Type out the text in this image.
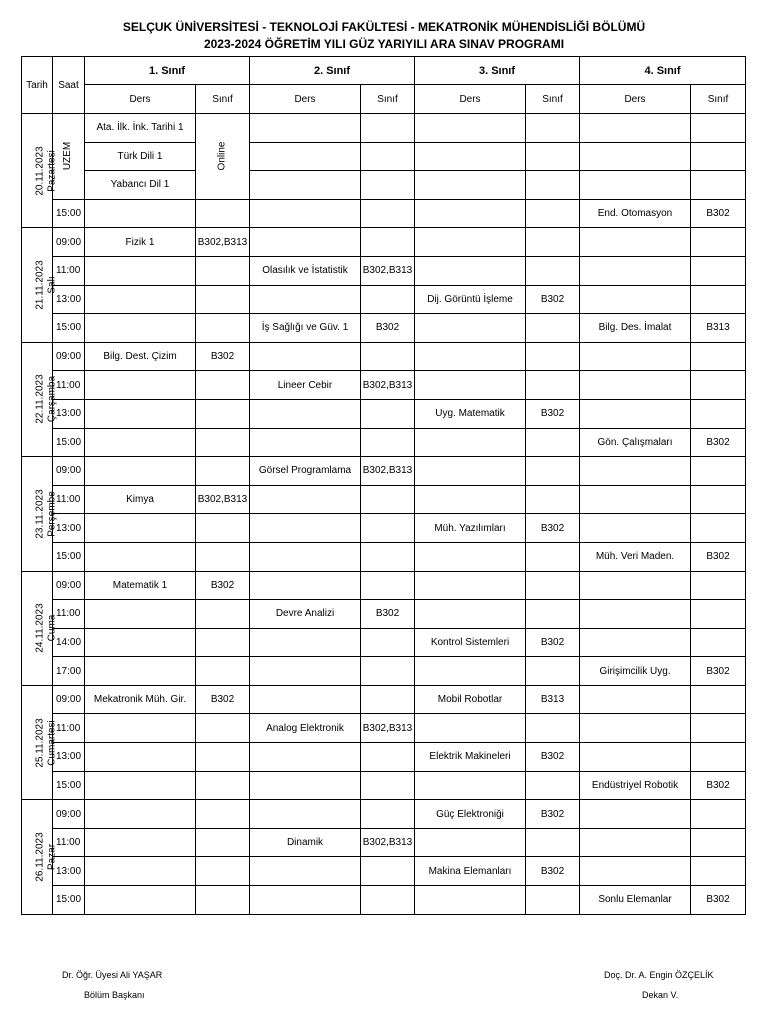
SELÇUK ÜNİVERSİTESİ - TEKNOLOJİ FAKÜLTESİ - MEKATRONİK MÜHENDİSLİĞİ BÖLÜMÜ
2023-2024 ÖĞRETİM YILI GÜZ YARIYILI ARA SINAV PROGRAMI
Tarih	Saat	1. Sınıf		2. Sınıf		3. Sınıf		4. Sınıf	
		Ders	Sınıf	Ders	Sınıf	Ders	Sınıf	Ders	Sınıf

20.11.2023 Pazartesi	UZEM	Ata. İlk. İnk. Tarihi 1	Online						
		Türk Dili 1							
		Yabancı Dil 1							
	15:00							End. Otomasyon	B302

21.11.2023 Salı	09:00	Fizik 1	B302,B313						
	11:00			Olasılık ve İstatistik	B302,B313				
	13:00					Dij. Görüntü İşleme	B302		
	15:00			İş Sağlığı ve Güv. 1	B302			Bilg. Des. İmalat	B313

22.11.2023 Çarşamba	09:00	Bilg. Dest. Çizim	B302						
	11:00			Lineer Cebir	B302,B313				
	13:00					Uyg. Matematik	B302		
	15:00							Gön. Çalışmaları	B302

23.11.2023 Perşembe	09:00			Görsel Programlama	B302,B313				
	11:00	Kimya	B302,B313						
	13:00					Müh. Yazılımları	B302		
	15:00							Müh. Veri Maden.	B302

24.11.2023 Cuma	09:00	Matematik 1	B302						
	11:00			Devre Analizi	B302				
	14:00					Kontrol Sistemleri	B302		
	17:00							Girişimcilik Uyg.	B302

25.11.2023 Cumartesi	09:00	Mekatronik Müh. Gir.	B302			Mobil Robotlar	B313		
	11:00			Analog Elektronik	B302,B313				
	13:00					Elektrik Makineleri	B302		
	15:00							Endüstriyel Robotik	B302

26.11.2023 Pazar	09:00					Güç Elektroniği	B302		
	11:00			Dinamik	B302,B313				
	13:00					Makina Elemanları	B302		
	15:00							Sonlu Elemanlar	B302
Dr. Öğr. Üyesi Ali YAŞAR
Bölüm Başkanı
Doç. Dr. A. Engin ÖZÇELİK
Dekan V.
